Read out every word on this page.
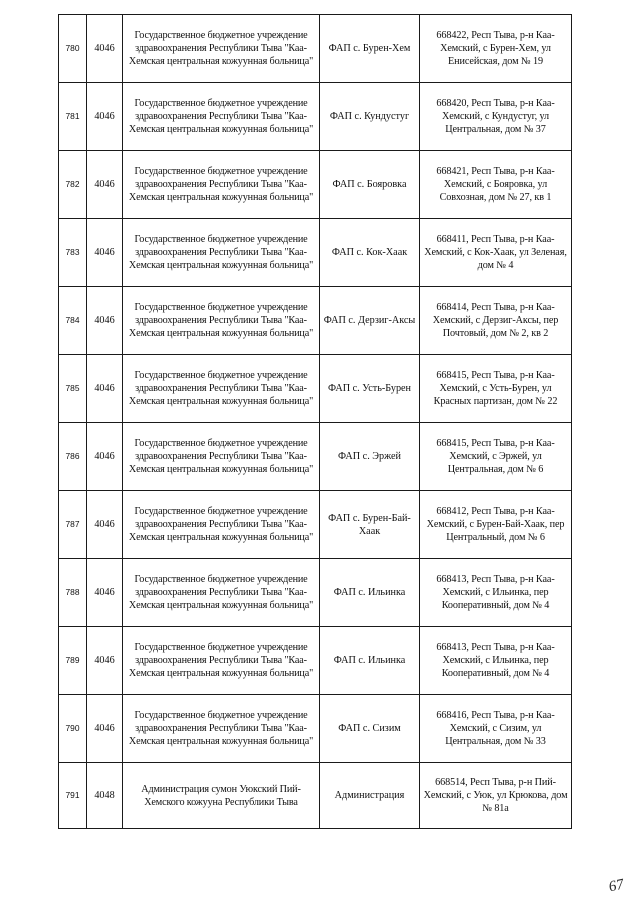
780	4046	Государственное бюджетное учреждение здравоохранения Республики Тыва "Каа-Хемская центральная кожуунная больница"	ФАП с. Бурен-Хем	668422, Респ Тыва, р-н Каа-Хемский, с Бурен-Хем, ул Енисейская, дом № 19
781	4046	Государственное бюджетное учреждение здравоохранения Республики Тыва "Каа-Хемская центральная кожуунная больница"	ФАП с. Кундустуг	668420, Респ Тыва, р-н Каа-Хемский, с Кундустуг, ул Центральная, дом № 37
782	4046	Государственное бюджетное учреждение здравоохранения Республики Тыва "Каа-Хемская центральная кожуунная больница"	ФАП с. Бояровка	668421, Респ Тыва, р-н Каа-Хемский, с Бояровка, ул Совхозная, дом № 27, кв 1
783	4046	Государственное бюджетное учреждение здравоохранения Республики Тыва "Каа-Хемская центральная кожуунная больница"	ФАП с. Кок-Хаак	668411, Респ Тыва, р-н Каа-Хемский, с Кок-Хаак, ул Зеленая, дом № 4
784	4046	Государственное бюджетное учреждение здравоохранения Республики Тыва "Каа-Хемская центральная кожуунная больница"	ФАП с. Дерзиг-Аксы	668414, Респ Тыва, р-н Каа-Хемский, с Дерзиг-Аксы, пер Почтовый, дом № 2, кв 2
785	4046	Государственное бюджетное учреждение здравоохранения Республики Тыва "Каа-Хемская центральная кожуунная больница"	ФАП с. Усть-Бурен	668415, Респ Тыва, р-н Каа-Хемский, с Усть-Бурен, ул Красных партизан, дом № 22
786	4046	Государственное бюджетное учреждение здравоохранения Республики Тыва "Каа-Хемская центральная кожуунная больница"	ФАП с. Эржей	668415, Респ Тыва, р-н Каа-Хемский, с Эржей, ул Центральная, дом № 6
787	4046	Государственное бюджетное учреждение здравоохранения Республики Тыва "Каа-Хемская центральная кожуунная больница"	ФАП с. Бурен-Бай-Хаак	668412, Респ Тыва, р-н Каа-Хемский, с Бурен-Бай-Хаак, пер Центральный, дом № 6
788	4046	Государственное бюджетное учреждение здравоохранения Республики Тыва "Каа-Хемская центральная кожуунная больница"	ФАП с. Ильинка	668413, Респ Тыва, р-н Каа-Хемский, с Ильинка, пер Кооперативный, дом № 4
789	4046	Государственное бюджетное учреждение здравоохранения Республики Тыва "Каа-Хемская центральная кожуунная больница"	ФАП с. Ильинка	668413, Респ Тыва, р-н Каа-Хемский, с Ильинка, пер Кооперативный, дом № 4
790	4046	Государственное бюджетное учреждение здравоохранения Республики Тыва "Каа-Хемская центральная кожуунная больница"	ФАП с. Сизим	668416, Респ Тыва, р-н Каа-Хемский, с Сизим, ул Центральная, дом № 33
791	4048	Администрация сумон Уюкский Пий-Хемского кожууна Республики Тыва	Администрация	668514, Респ Тыва, р-н Пий-Хемский, с Уюк, ул Крюкова, дом № 81а
67
